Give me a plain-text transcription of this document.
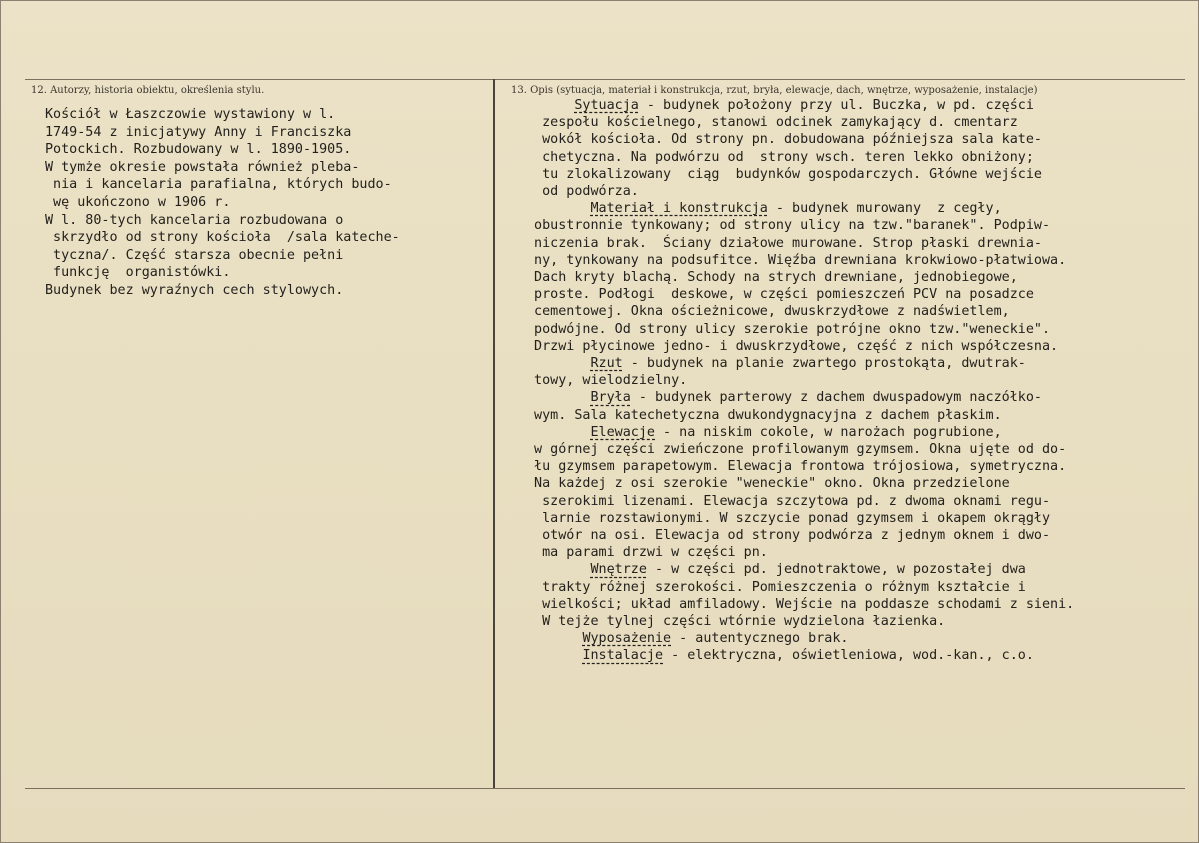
12. Autorzy, historia obiektu, określenia stylu.	13. Opis (sytuacja, materiał i konstrukcja, rzut, bryła, elewacje, dach, wnętrze, wyposażenie, instalacje)
Kościół w Łaszczowie wystawiony w l.
1749-54 z inicjatywy Anny i Franciszka
Potockich. Rozbudowany w l. 1890-1905.
W tymże okresie powstała również pleba-
nia i kancelaria parafialna, których budo-
wę ukończono w 1906 r.
W l. 80-tych kancelaria rozbudowana o
skrzydło od strony kościoła  /sala kateche-
tyczna/. Część starsza obecnie pełni
funkcję  organistówki.
Budynek bez wyraźnych cech stylowych.
Sytuacja - budynek położony przy ul. Buczka, w pd. części
zespołu kościelnego, stanowi odcinek zamykający d. cmentarz
wokół kościoła. Od strony pn. dobudowana późniejsza sala kate-
chetyczna. Na podwórzu od  strony wsch. teren lekko obniżony;
tu zlokalizowany  ciąg  budynków gospodarczych. Główne wejście
od podwórza.
Materiał i konstrukcja - budynek murowany  z cegły,
obustronnie tynkowany; od strony ulicy na tzw."baranek". Podpiw-
niczenia brak.  Ściany działowe murowane. Strop płaski drewnia-
ny, tynkowany na podsufitce. Więźba drewniana krokwiowo-płatwiowa.
Dach kryty blachą. Schody na strych drewniane, jednobiegowe,
proste. Podłogi  deskowe, w części pomieszczeń PCV na posadzce
cementowej. Okna ościeżnicowe, dwuskrzydłowe z nadświetlem,
podwójne. Od strony ulicy szerokie potrójne okno tzw."weneckie".
Drzwi płycinowe jedno- i dwuskrzydłowe, część z nich współczesna.
Rzut - budynek na planie zwartego prostokąta, dwutrak-
towy, wielodzielny.
Bryła - budynek parterowy z dachem dwuspadowym naczółko-
wym. Sala katechetyczna dwukondygnacyjna z dachem płaskim.
Elewacje - na niskim cokole, w narożach pogrubione,
w górnej części zwieńczone profilowanym gzymsem. Okna ujęte od do-
łu gzymsem parapetowym. Elewacja frontowa trójosiowa, symetryczna.
Na każdej z osi szerokie "weneckie" okno. Okna przedzielone
szerokimi lizenami. Elewacja szczytowa pd. z dwoma oknami regu-
larnie rozstawionymi. W szczycie ponad gzymsem i okapem okrągły
otwór na osi. Elewacja od strony podwórza z jednym oknem i dwo-
ma parami drzwi w części pn.
Wnętrze - w części pd. jednotraktowe, w pozostałej dwa
trakty różnej szerokości. Pomieszczenia o różnym kształcie i
wielkości; układ amfiladowy. Wejście na poddasze schodami z sieni.
W tejże tylnej części wtórnie wydzielona łazienka.
Wyposażenie - autentycznego brak.
Instalacje - elektryczna, oświetleniowa, wod.-kan., c.o.
